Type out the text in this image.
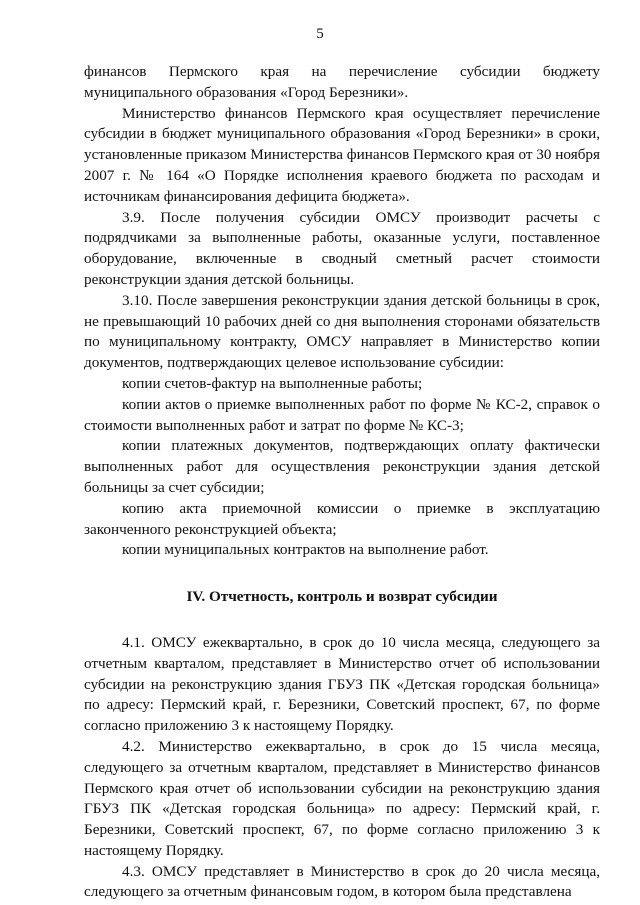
5

финансов Пермского края на перечисление субсидии бюджету муниципального образования «Город Березники».

Министерство финансов Пермского края осуществляет перечисление субсидии в бюджет муниципального образования «Город Березники» в сроки, установленные приказом Министерства финансов Пермского края от 30 ноября 2007 г. № 164 «О Порядке исполнения краевого бюджета по расходам и источникам финансирования дефицита бюджета».

3.9. После получения субсидии ОМСУ производит расчеты с подрядчиками за выполненные работы, оказанные услуги, поставленное оборудование, включенные в сводный сметный расчет стоимости реконструкции здания детской больницы.

3.10. После завершения реконструкции здания детской больницы в срок, не превышающий 10 рабочих дней со дня выполнения сторонами обязательств по муниципальному контракту, ОМСУ направляет в Министерство копии документов, подтверждающих целевое использование субсидии:

копии счетов-фактур на выполненные работы;

копии актов о приемке выполненных работ по форме № КС-2, справок о стоимости выполненных работ и затрат по форме № КС-3;

копии платежных документов, подтверждающих оплату фактически выполненных работ для осуществления реконструкции здания детской больницы за счет субсидии;

копию акта приемочной комиссии о приемке в эксплуатацию законченного реконструкцией объекта;

копии муниципальных контрактов на выполнение работ.

IV. Отчетность, контроль и возврат субсидии

4.1. ОМСУ ежеквартально, в срок до 10 числа месяца, следующего за отчетным кварталом, представляет в Министерство отчет об использовании субсидии на реконструкцию здания ГБУЗ ПК «Детская городская больница» по адресу: Пермский край, г. Березники, Советский проспект, 67, по форме согласно приложению 3 к настоящему Порядку.

4.2. Министерство ежеквартально, в срок до 15 числа месяца, следующего за отчетным кварталом, представляет в Министерство финансов Пермского края отчет об использовании субсидии на реконструкцию здания ГБУЗ ПК «Детская городская больница» по адресу: Пермский край, г. Березники, Советский проспект, 67, по форме согласно приложению 3 к настоящему Порядку.

4.3. ОМСУ представляет в Министерство в срок до 20 числа месяца, следующего за отчетным финансовым годом, в котором была представлена
